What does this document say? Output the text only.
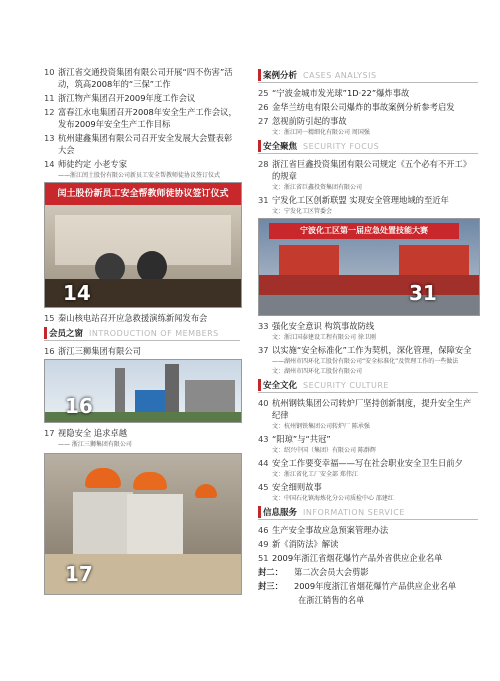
10 浙江省交通投资集团有限公司开展“四不伤害”活动，筑高2008年的“三保”工作
11 浙江物产集团召开2009年度工作会议
12 富春江水电集团召开2008年安全生产工作会议，发布2009年安全生产工作目标
13 杭州建鑫集团有限公司召开安全发展大会暨表彰大会
14 师徒约定 小老专家
——浙江闰土股份有限公司新员工安全帮教师徒协议签订仪式
闰土股份新员工安全帮教师徒协议签订仪式
14
15 秦山核电站召开应急救援演练新闻发布会
会员之窗 INTRODUCTION OF MEMBERS
16 浙江三狮集团有限公司
16
17 视隐安全 追求卓越
—— 浙江三狮集团有限公司
17
案例分析 CASES ANALYSIS
25 “宁波金城市发光球”1D·22”爆炸事故
26 金华兰纺电有限公司爆炸的事故案例分析参考启发
27 忽视前防引起的事故
文：浙江同一精细化有限公司 周国强
安全聚焦 SECURITY FOCUS
28 浙江省巨鑫投资集团有限公司规定《五个必有不开工》的规章
文：浙江省巨鑫投资集团有限公司
31 宁发化工区创新联盟 实现安全管理地域的至近年
文：宁发化工区管委会
宁波化工区第一届应急处置技能大赛
31
33 强化安全意识 构筑事故防线
文：浙江国泰建设工程有限公司 徐卫刚
37 以实施“安全标准化”工作为契机，深化管理，保障安全
——湖州市四环化工股份有限公司“安全标准化”及管理工作的一些做法
文：湖州市四环化工股份有限公司
安全文化 SECURITY CULTURE
40 杭州钢铁集团公司转炉厂坚持创新制度，提升安全生产纪律
文：杭州钢铁集团公司转炉厂 陈承强
43 “阳琼”与“共冠”
文：绍兴中国（集团）有限公司 陈群辉
44 安全工作要变幸福——写在社会职业安全卫生日前夕
文：浙江省化工厂安全部 郑伟江
45 安全细则故事
文：中国石化镇海炼化分公司质检中心 邵建红
信息服务 INFORMATION SERVICE
46 生产安全事故应急预案管理办法
49 新《消防法》解读
51 2009年浙江省烟花爆竹产品外省供应企业名单
封二：	第二次会员大会剪影
封三：	2009年度浙江省烟花爆竹产品供应企业名单
在浙江销售的名单
